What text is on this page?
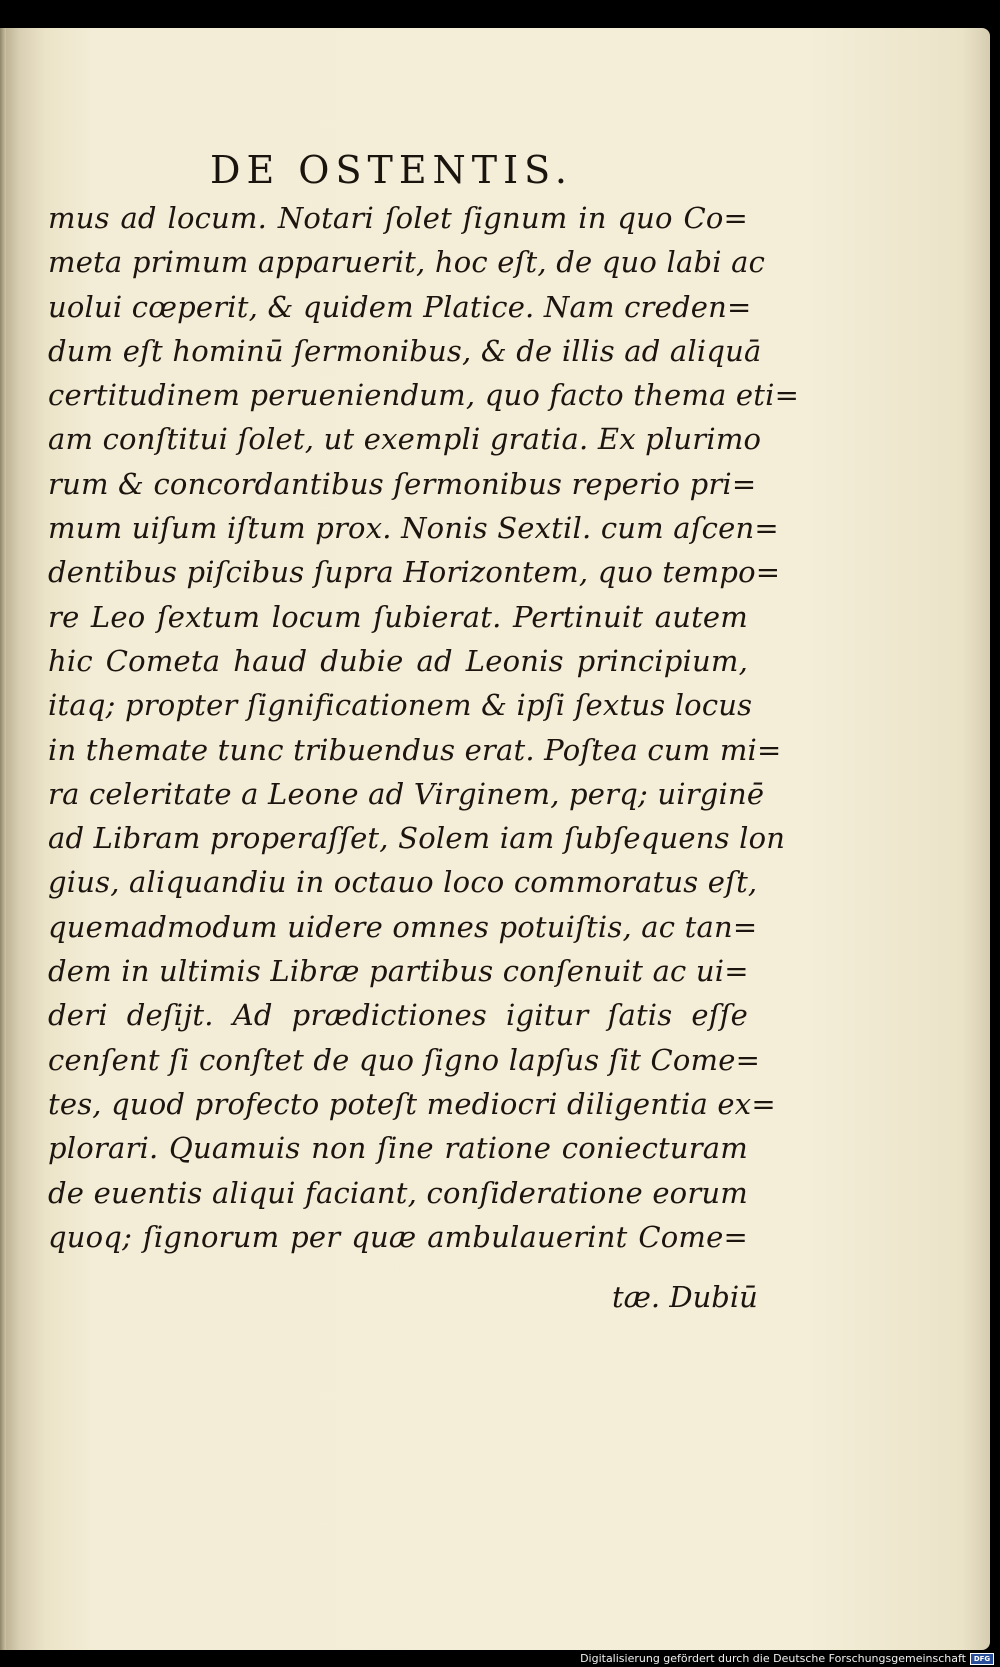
DE OSTENTIS.
mus ad locum. Notari ſolet ſignum in quo Co=
meta primum apparuerit, hoc eſt, de quo labi ac
uolui cœperit, & quidem Platice. Nam creden=
dum eſt hominū ſermonibus, & de illis ad aliquā
certitudinem perueniendum, quo facto thema eti=
am conſtitui ſolet, ut exempli gratia. Ex plurimo
rum & concordantibus ſermonibus reperio pri=
mum uiſum iſtum prox. Nonis Sextil. cum aſcen=
dentibus piſcibus ſupra Horizontem, quo tempo=
re Leo ſextum locum ſubierat. Pertinuit autem
hic Cometa haud dubie ad Leonis principium,
itaq; propter ſignificationem & ipſi ſextus locus
in themate tunc tribuendus erat. Poſtea cum mi=
ra celeritate a Leone ad Virginem, perq; uirginē
ad Libram properaſſet, Solem iam ſubſequens lon
gius, aliquandiu in octauo loco commoratus eſt,
quemadmodum uidere omnes potuiſtis, ac tan=
dem in ultimis Libræ partibus conſenuit ac ui=
deri deſijt. Ad prædictiones igitur ſatis eſſe
cenſent ſi conſtet de quo ſigno lapſus ſit Come=
tes, quod profecto poteſt mediocri diligentia ex=
plorari. Quamuis non ſine ratione coniecturam
de euentis aliqui faciant, conſideratione eorum
quoq; ſignorum per quæ ambulauerint Come=
tæ. Dubiū
Digitalisierung gefördert durch die Deutsche Forschungsgemeinschaft	DFG
